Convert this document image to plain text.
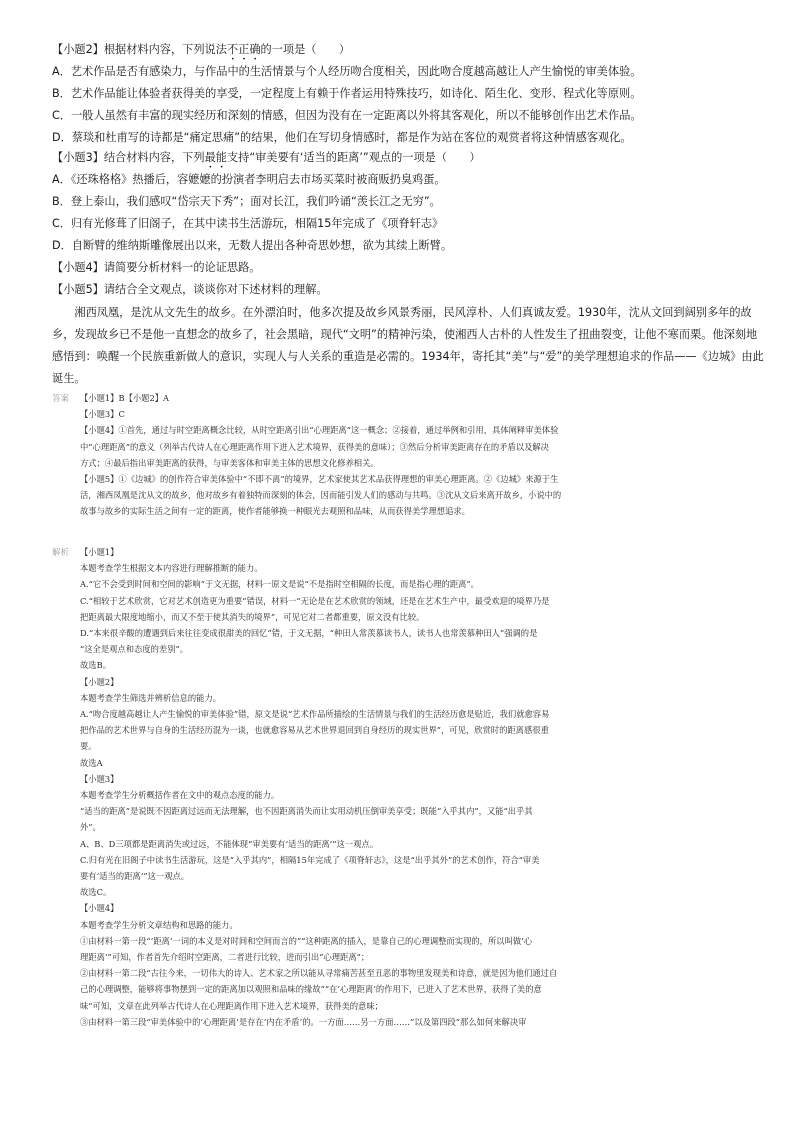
【小题2】根据材料内容，下列说法不正确的一项是（　　）
A．艺术作品是否有感染力，与作品中的生活情景与个人经历吻合度相关，因此吻合度越高越让人产生愉悦的审美体验。
B．艺术作品能让体验者获得美的享受，一定程度上有赖于作者运用特殊技巧，如诗化、陌生化、变形、程式化等原则。
C．一般人虽然有丰富的现实经历和深刻的情感，但因为没有在一定距离以外将其客观化，所以不能够创作出艺术作品。
D．蔡琰和杜甫写的诗都是“痛定思痛”的结果，他们在写切身情感时，都是作为站在客位的观赏者将这种情感客观化。
【小题3】结合材料内容，下列最能支持“审美要有‘适当的距离’”观点的一项是（　　）
A．《还珠格格》热播后，容嬷嬷的扮演者李明启去市场买菜时被商贩扔臭鸡蛋。
B．登上泰山，我们感叹“岱宗天下秀”；面对长江，我们吟诵“羡长江之无穷”。
C．归有光修葺了旧阁子，在其中读书生活游玩，相隔15年完成了《项脊轩志》
D．自断臂的维纳斯雕像展出以来，无数人提出各种奇思妙想，欲为其续上断臂。
【小题4】请简要分析材料一的论证思路。
【小题5】请结合全文观点，谈谈你对下述材料的理解。
湘西凤凰，是沈从文先生的故乡。在外漂泊时，他多次提及故乡风景秀丽，民风淳朴、人们真诚友爱。1930年，沈从文回到阔别多年的故乡，发现故乡已不是他一直想念的故乡了，社会黑暗，现代“文明”的精神污染，使湘西人古朴的人性发生了扭曲裂变，让他不寒而栗。他深刻地感悟到：唤醒一个民族重新做人的意识，实现人与人关系的重造是必需的。1934年，寄托其“美”与“爱”的美学理想追求的作品——《边城》由此诞生。
答案 【小题1】B【小题2】A
【小题3】C
【小题4】①首先，通过与时空距离概念比较，从时空距离引出“心理距离”这一概念；②接着，通过举例和引用，具体阐释审美体验
中“心理距离”的意义（列举古代诗人在心理距离作用下进入艺术境界，获得美的意味）；③然后分析审美距离存在的矛盾以及解决
方式；④最后指出审美距离的获得，与审美客体和审美主体的思想文化修养相关。
【小题5】①《边城》的创作符合审美体验中“不即不离”的境界，艺术家使其艺术品获得理想的审美心理距离。②《边城》来源于生
活，湘西凤凰是沈从文的故乡，他对故乡有着独特而深刻的体会，因而能引发人们的感动与共鸣。③沈从文后来离开故乡，小说中的
故事与故乡的实际生活之间有一定的距离，使作者能够换一种眼光去观照和品味，从而获得美学理想追求。
解析 【小题1】
本题考查学生根据文本内容进行理解推断的能力。
A.“它不会受到时间和空间的影响”于文无据，材料一原文是说“不是指时空相隔的长度，而是指心理的距离”。
C.“相较于艺术欣赏，它对艺术创造更为重要”错误，材料一“无论是在艺术欣赏的领域，还是在艺术生产中，最受欢迎的境界乃是
把距离最大限度地缩小，而又不至于使其消失的境界”，可见它对二者都重要，原文没有比较。
D.“本来很辛酸的遭遇到后来往往变成很甜美的回忆”错，于文无据，“种田人常羡慕读书人，读书人也常羡慕种田人”强调的是
“这全是观点和态度的差别”。
故选B。
【小题2】
本题考查学生筛选并辨析信息的能力。
A.“吻合度越高越让人产生愉悦的审美体验”错，原文是说“艺术作品所描绘的生活情景与我们的生活经历愈是贴近，我们就愈容易
把作品的艺术世界与自身的生活经历混为一谈，也就愈容易从艺术世界退回到自身经历的现实世界”，可见，欣赏时的距离感很重
要。
故选A
【小题3】
本题考查学生分析概括作者在文中的观点态度的能力。
“适当的距离”是说既不因距离过远而无法理解，也不因距离消失而让实用动机压倒审美享受；既能“入乎其内”，又能“出乎其
外”。
A、B、D三项都是距离消失或过远，不能体现“审美要有‘适当的距离’”这一观点。
C.归有光在旧阁子中读书生活游玩，这是“入乎其内”，相隔15年完成了《项脊轩志》，这是“出乎其外”的艺术创作，符合“审美
要有‘适当的距离’”这一观点。
故选C。
【小题4】
本题考查学生分析文章结构和思路的能力。
①由材料一第一段“‘距离’一词的本义是对时间和空间而言的”“这种距离的插入，是靠自己的心理调整而实现的，所以叫做‘心
理距离’”可知，作者首先介绍时空距离，二者进行比较，进而引出“心理距离”；
②由材料一第二段“古往今来，一切伟大的诗人、艺术家之所以能从寻常痛苦甚至丑恶的事物里发现美和诗意，就是因为他们通过自
己的心理调整，能够将事物摆到一定的距离加以观照和品味的缘故”“在‘心理距离’的作用下，已进入了艺术世界，获得了美的意
味”可知，文章在此列举古代诗人在心理距离作用下进入艺术境界，获得美的意味；
③由材料一第三段“审美体验中的‘心理距离’是存在‘内在矛盾’的。一方面……另一方面……”以及第四段“那么如何来解决审
